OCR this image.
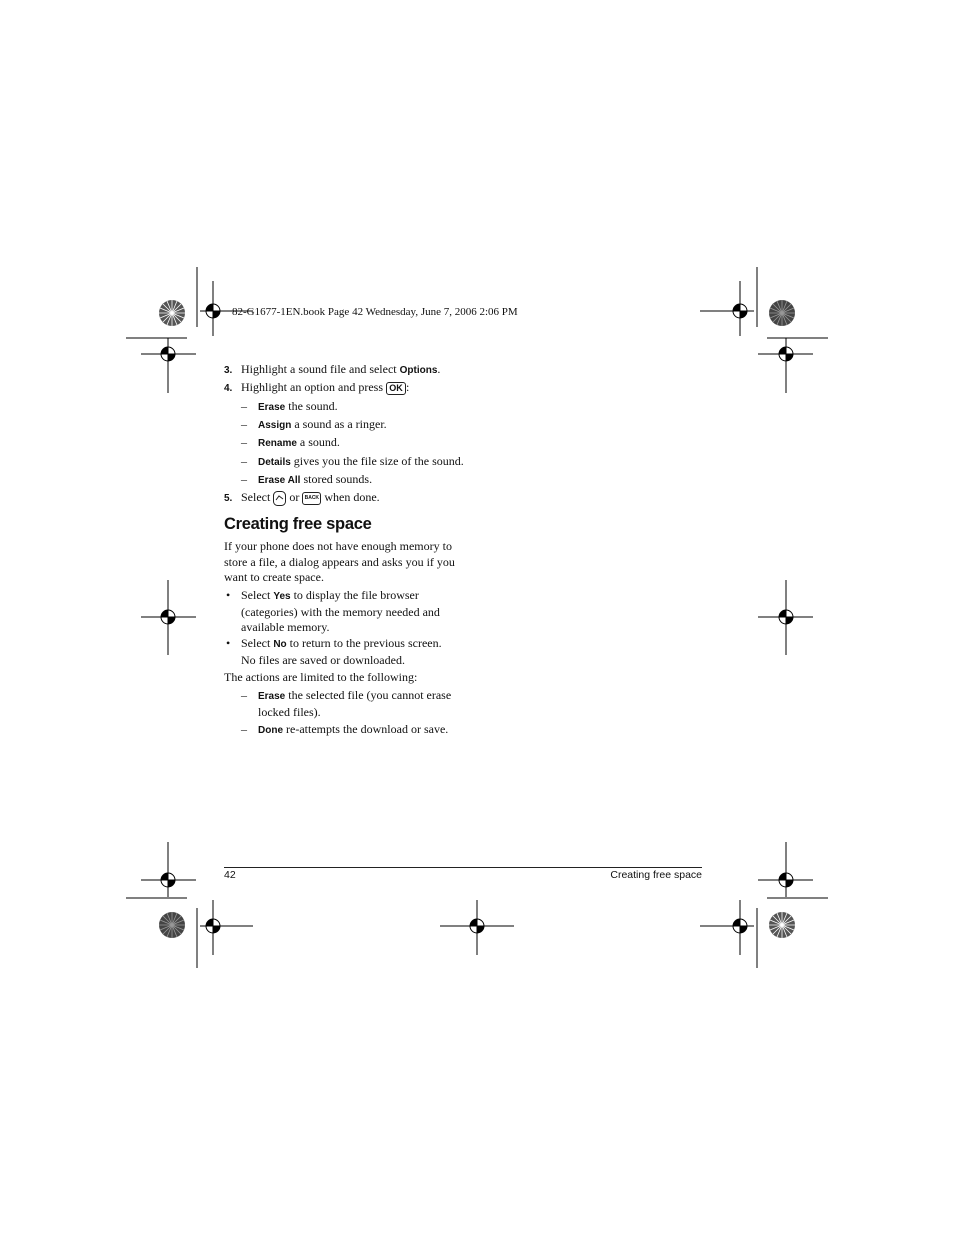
82-G1677-1EN.book Page 42 Wednesday, June 7, 2006 2:06 PM
3. Highlight a sound file and select Options.
4. Highlight an option and press OK :
– Erase the sound.
– Assign a sound as a ringer.
– Rename a sound.
– Details gives you the file size of the sound.
– Erase All stored sounds.
5. Select  or BACK when done.
Creating free space
If your phone does not have enough memory to store a file, a dialog appears and asks you if you want to create space.
• Select Yes to display the file browser (categories) with the memory needed and available memory.
• Select No to return to the previous screen. No files are saved or downloaded.
The actions are limited to the following:
– Erase the selected file (you cannot erase locked files).
– Done re-attempts the download or save.
42	Creating free space
